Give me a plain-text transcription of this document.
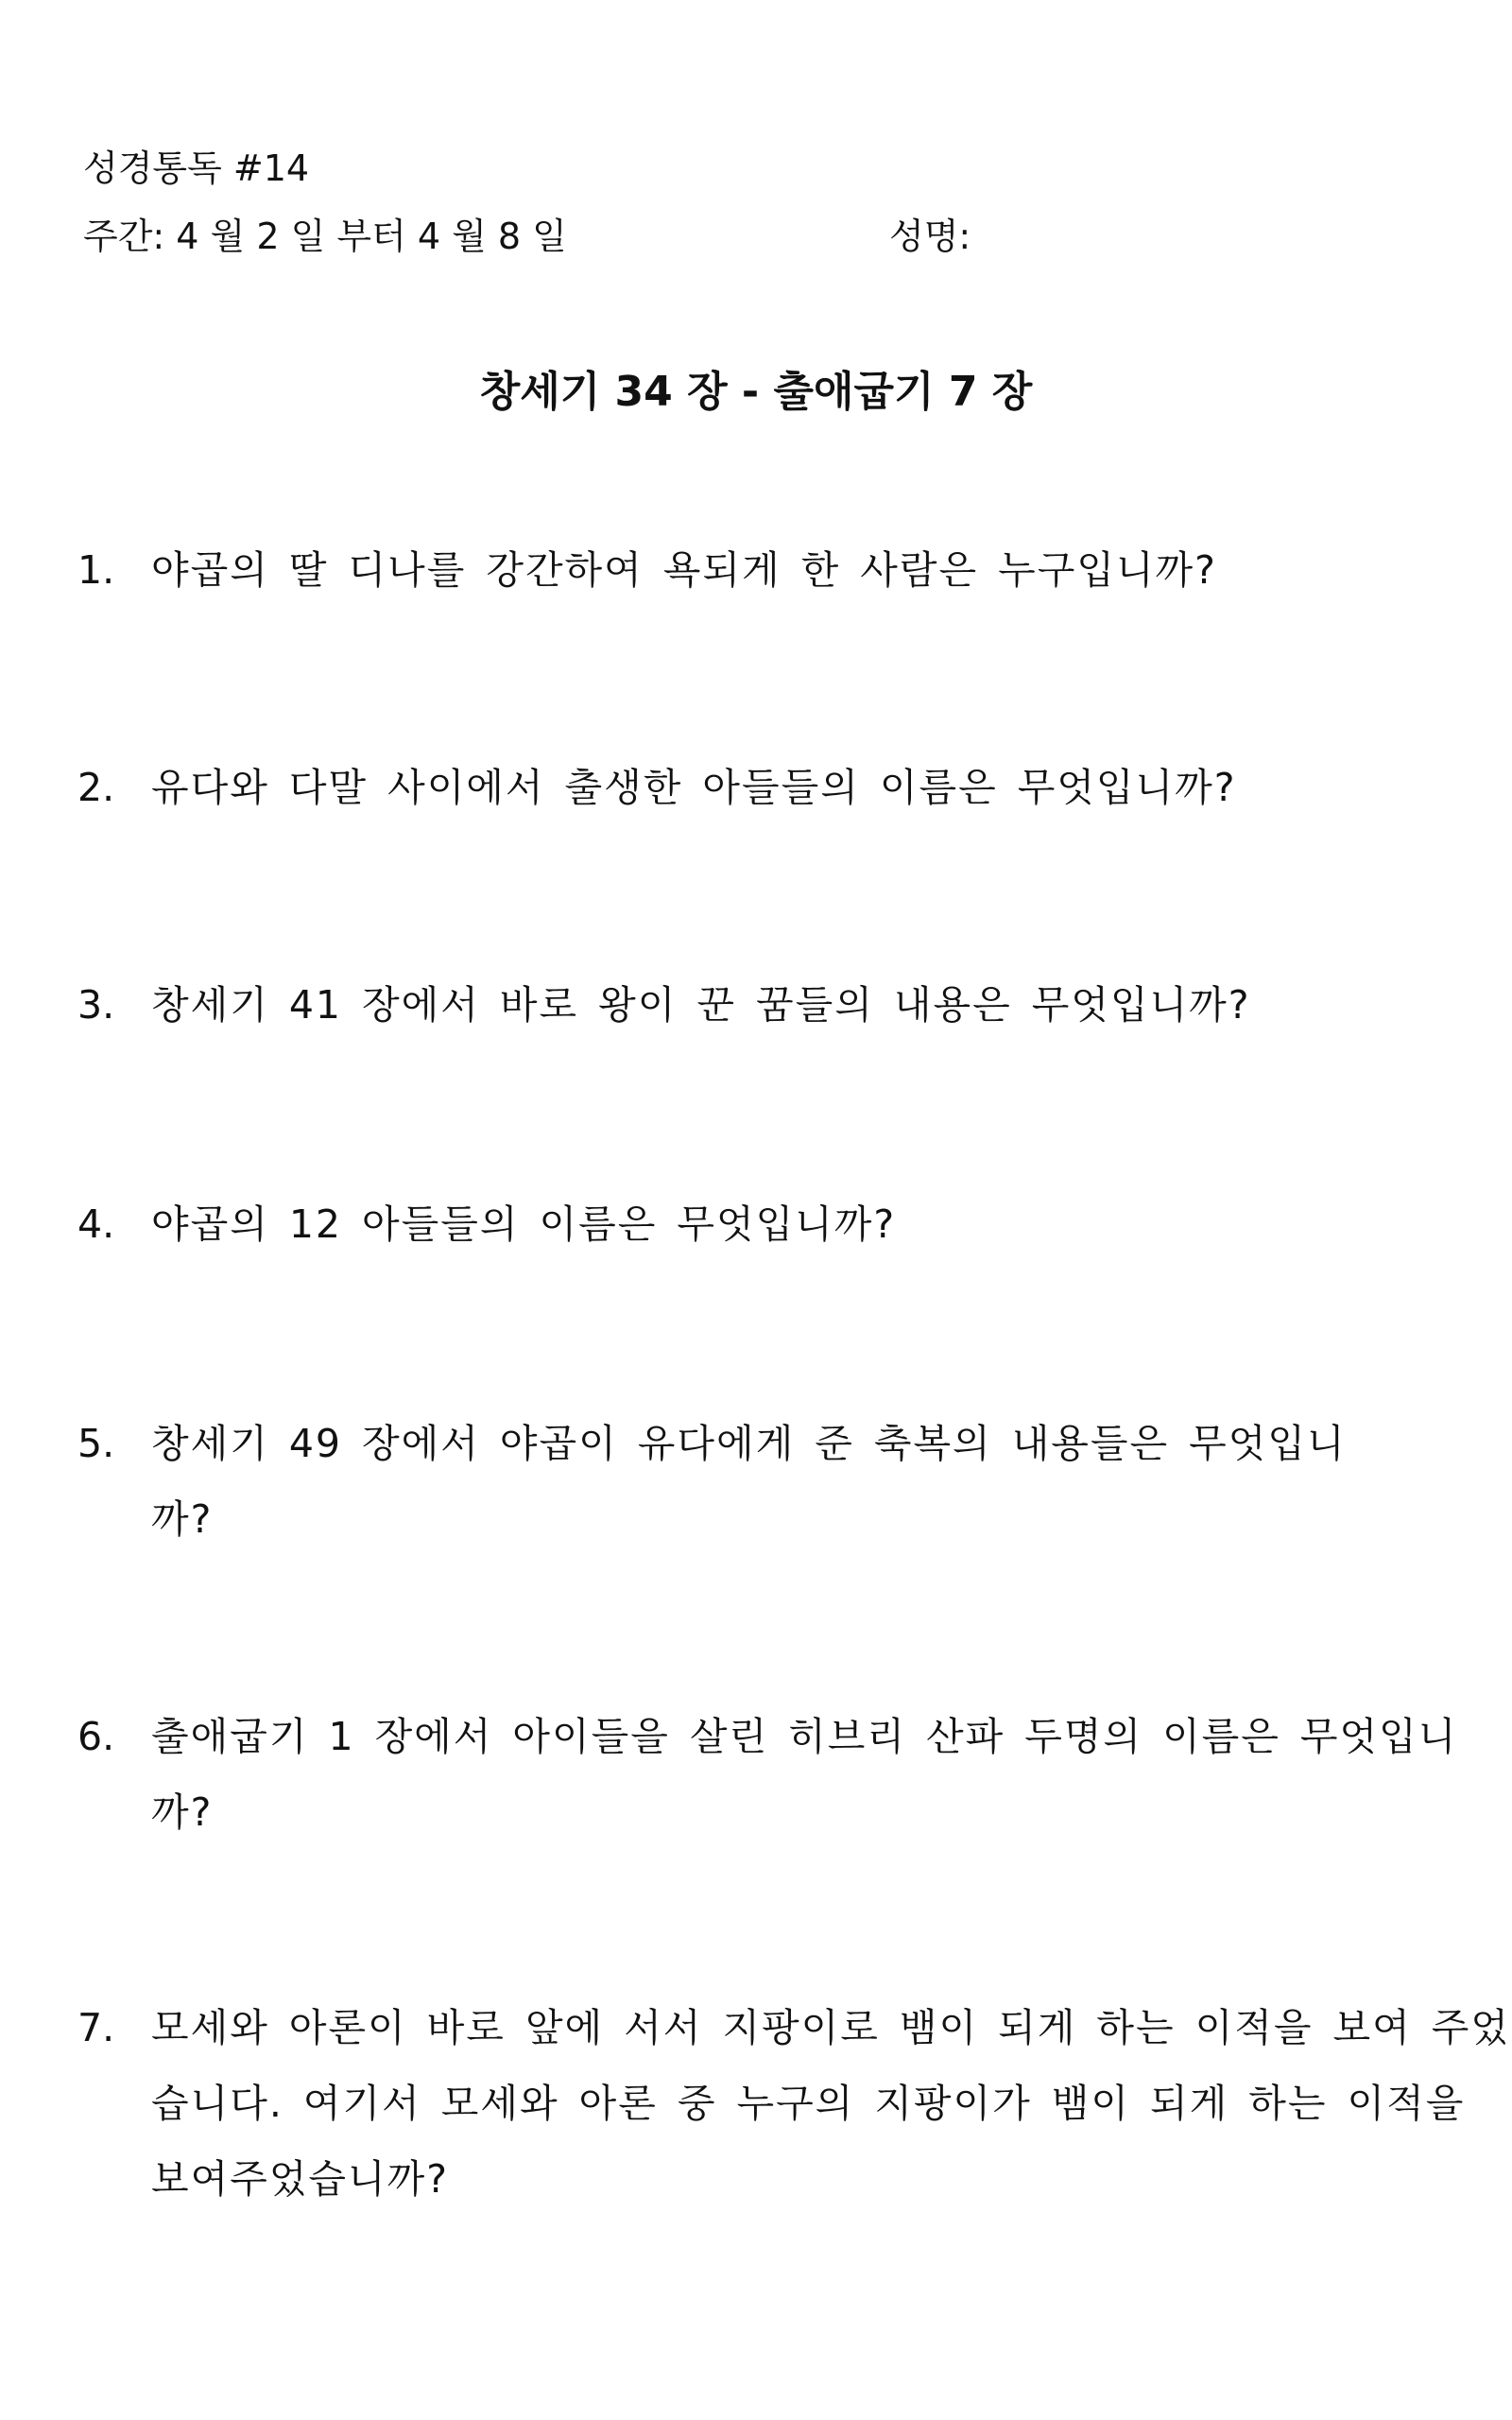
성경통독 #14
주간: 4 월 2 일 부터 4 월 8 일	성명:
창세기 34 장 - 출애굽기 7 장
1. 야곱의 딸 디나를 강간하여 욕되게 한 사람은 누구입니까?
2. 유다와 다말 사이에서 출생한 아들들의 이름은 무엇입니까?
3. 창세기 41 장에서 바로 왕이 꾼 꿈들의 내용은 무엇입니까?
4. 야곱의 12 아들들의 이름은 무엇입니까?
5. 창세기 49 장에서 야곱이 유다에게 준 축복의 내용들은 무엇입니까?
6. 출애굽기 1 장에서 아이들을 살린 히브리 산파 두명의 이름은 무엇입니까?
7. 모세와 아론이 바로 앞에 서서 지팡이로 뱀이 되게 하는 이적을 보여 주었습니다. 여기서 모세와 아론 중 누구의 지팡이가 뱀이 되게 하는 이적을 보여주었습니까?
